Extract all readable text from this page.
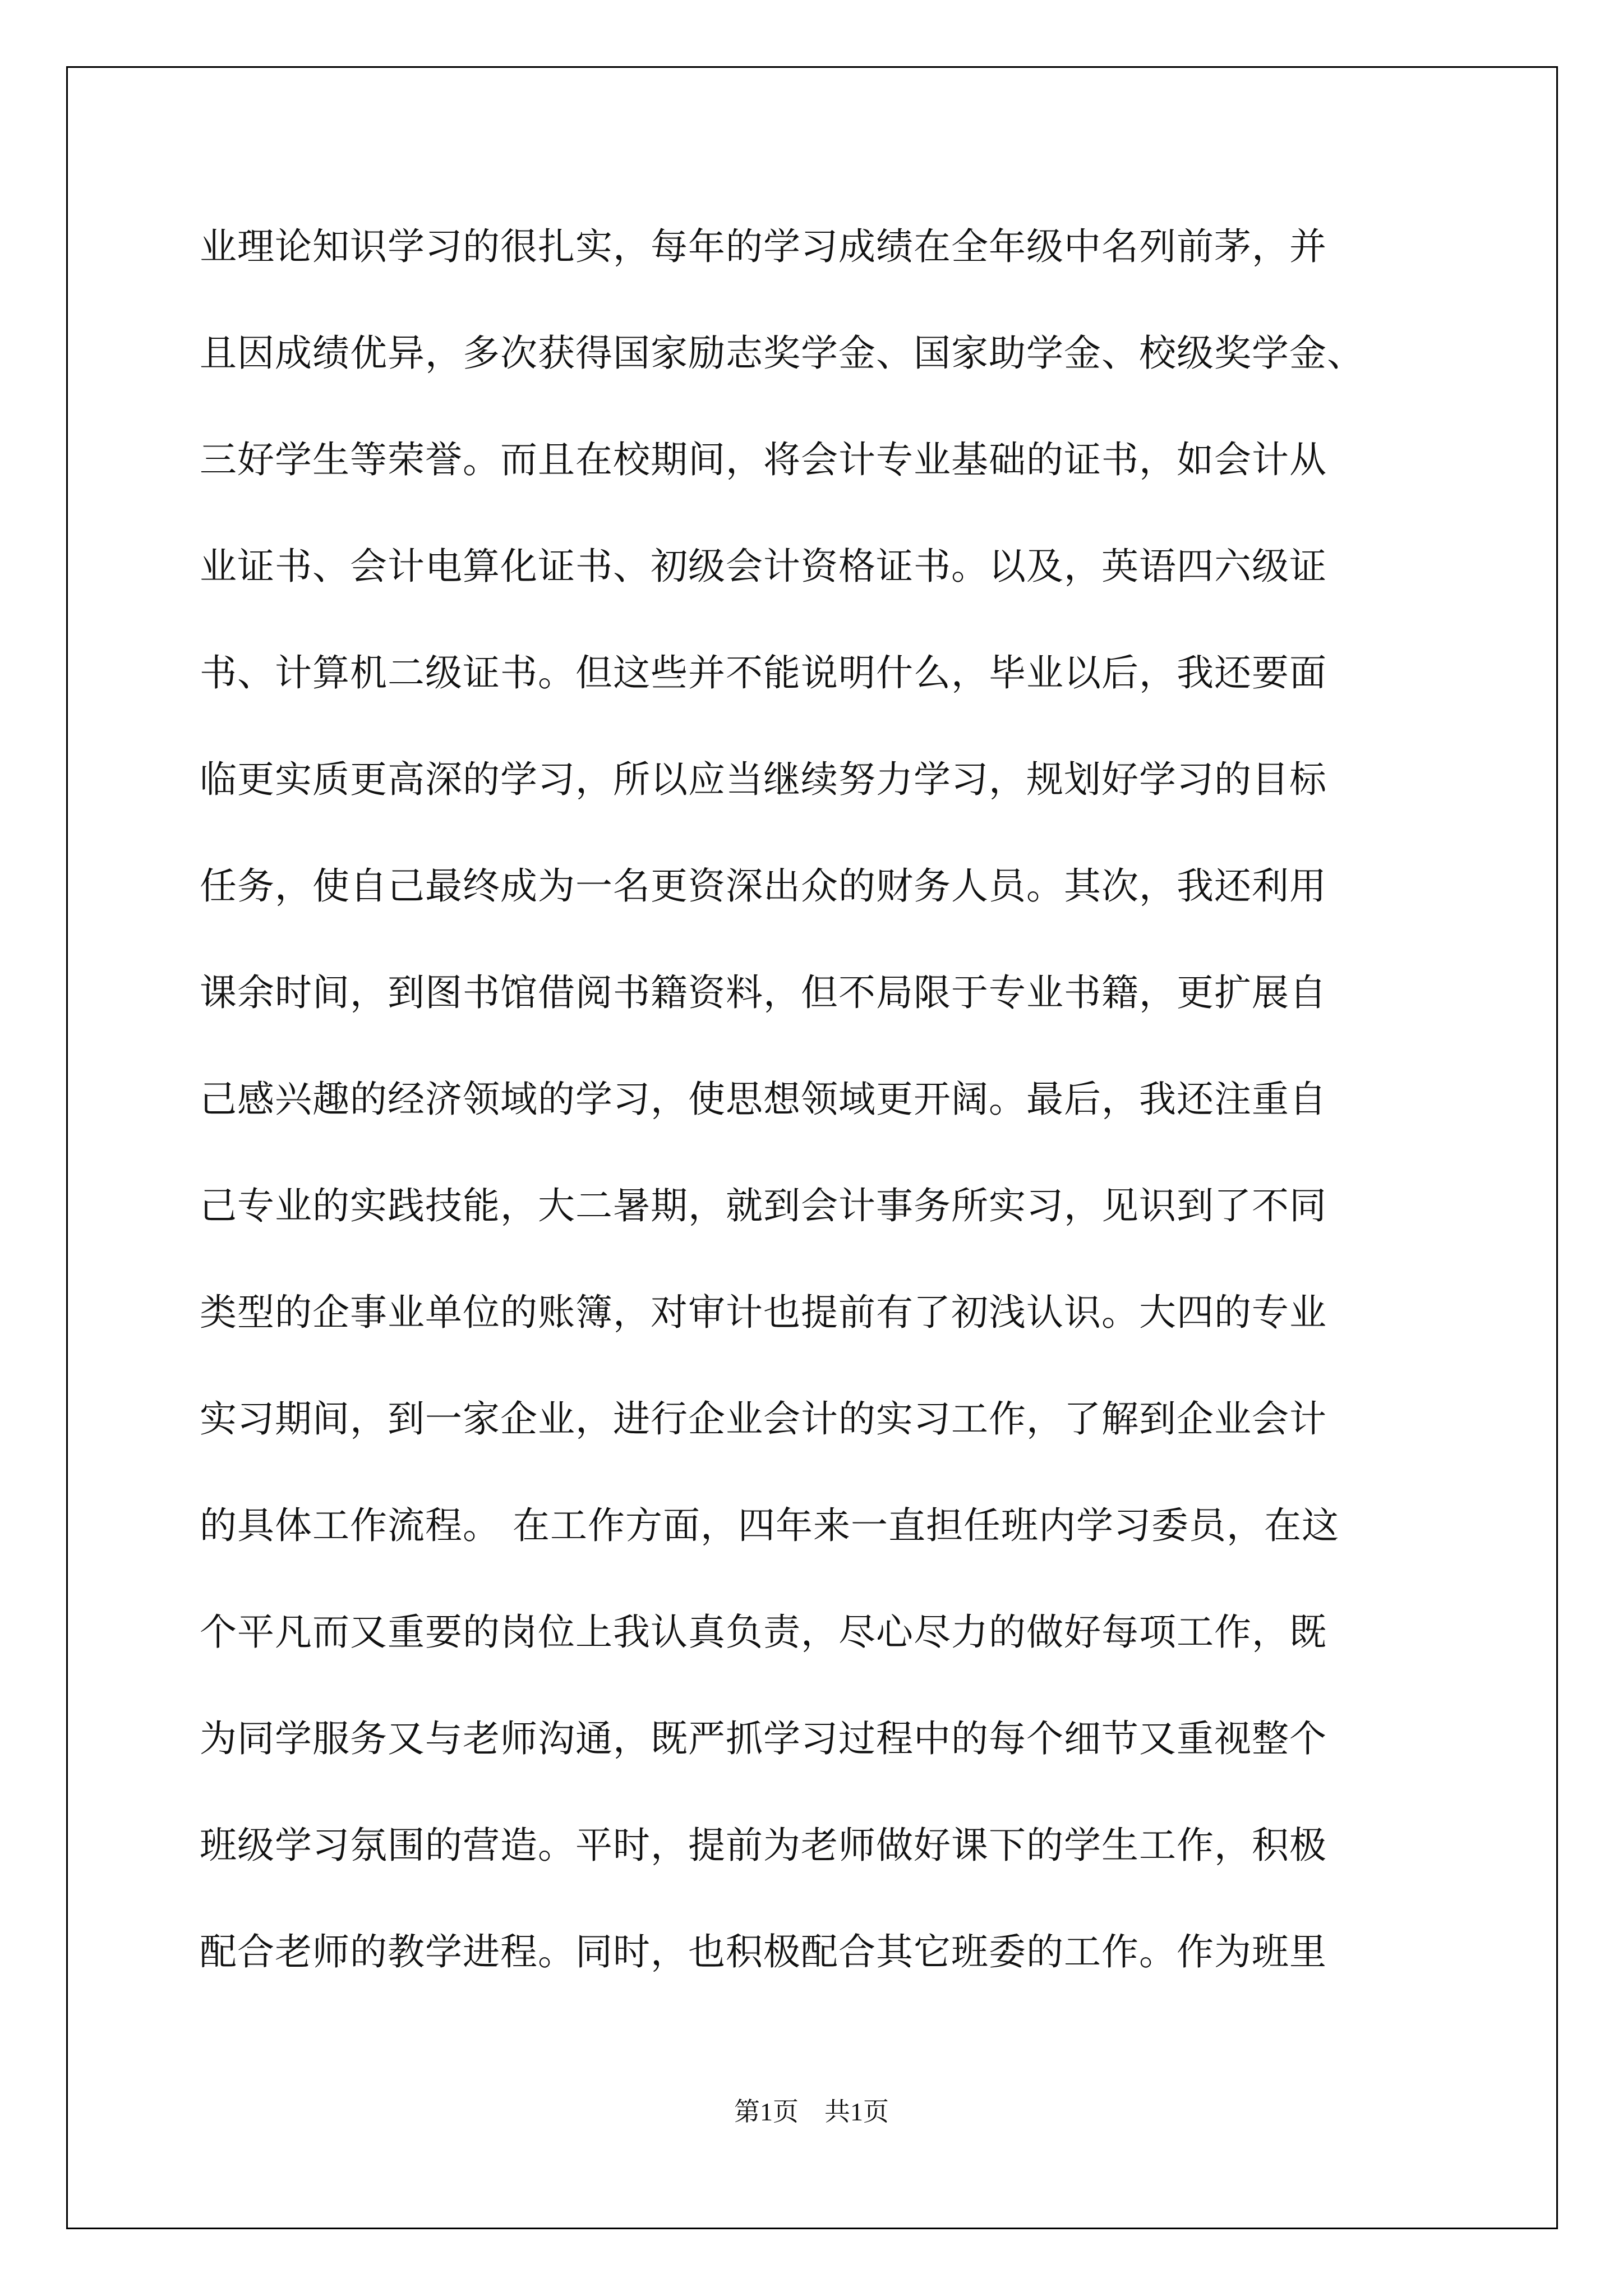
业理论知识学习的很扎实，每年的学习成绩在全年级中名列前茅，并
且因成绩优异，多次获得国家励志奖学金、国家助学金、校级奖学金、
三好学生等荣誉。而且在校期间，将会计专业基础的证书，如会计从
业证书、会计电算化证书、初级会计资格证书。以及，英语四六级证
书、计算机二级证书。但这些并不能说明什么，毕业以后，我还要面
临更实质更高深的学习，所以应当继续努力学习，规划好学习的目标
任务，使自己最终成为一名更资深出众的财务人员。其次，我还利用
课余时间，到图书馆借阅书籍资料，但不局限于专业书籍，更扩展自
己感兴趣的经济领域的学习，使思想领域更开阔。最后，我还注重自
己专业的实践技能，大二暑期，就到会计事务所实习，见识到了不同
类型的企事业单位的账簿，对审计也提前有了初浅认识。大四的专业
实习期间，到一家企业，进行企业会计的实习工作，了解到企业会计
的具体工作流程。 在工作方面，四年来一直担任班内学习委员，在这
个平凡而又重要的岗位上我认真负责，尽心尽力的做好每项工作，既
为同学服务又与老师沟通，既严抓学习过程中的每个细节又重视整个
班级学习氛围的营造。平时，提前为老师做好课下的学生工作，积极
配合老师的教学进程。同时，也积极配合其它班委的工作。作为班里
第1页　共1页
